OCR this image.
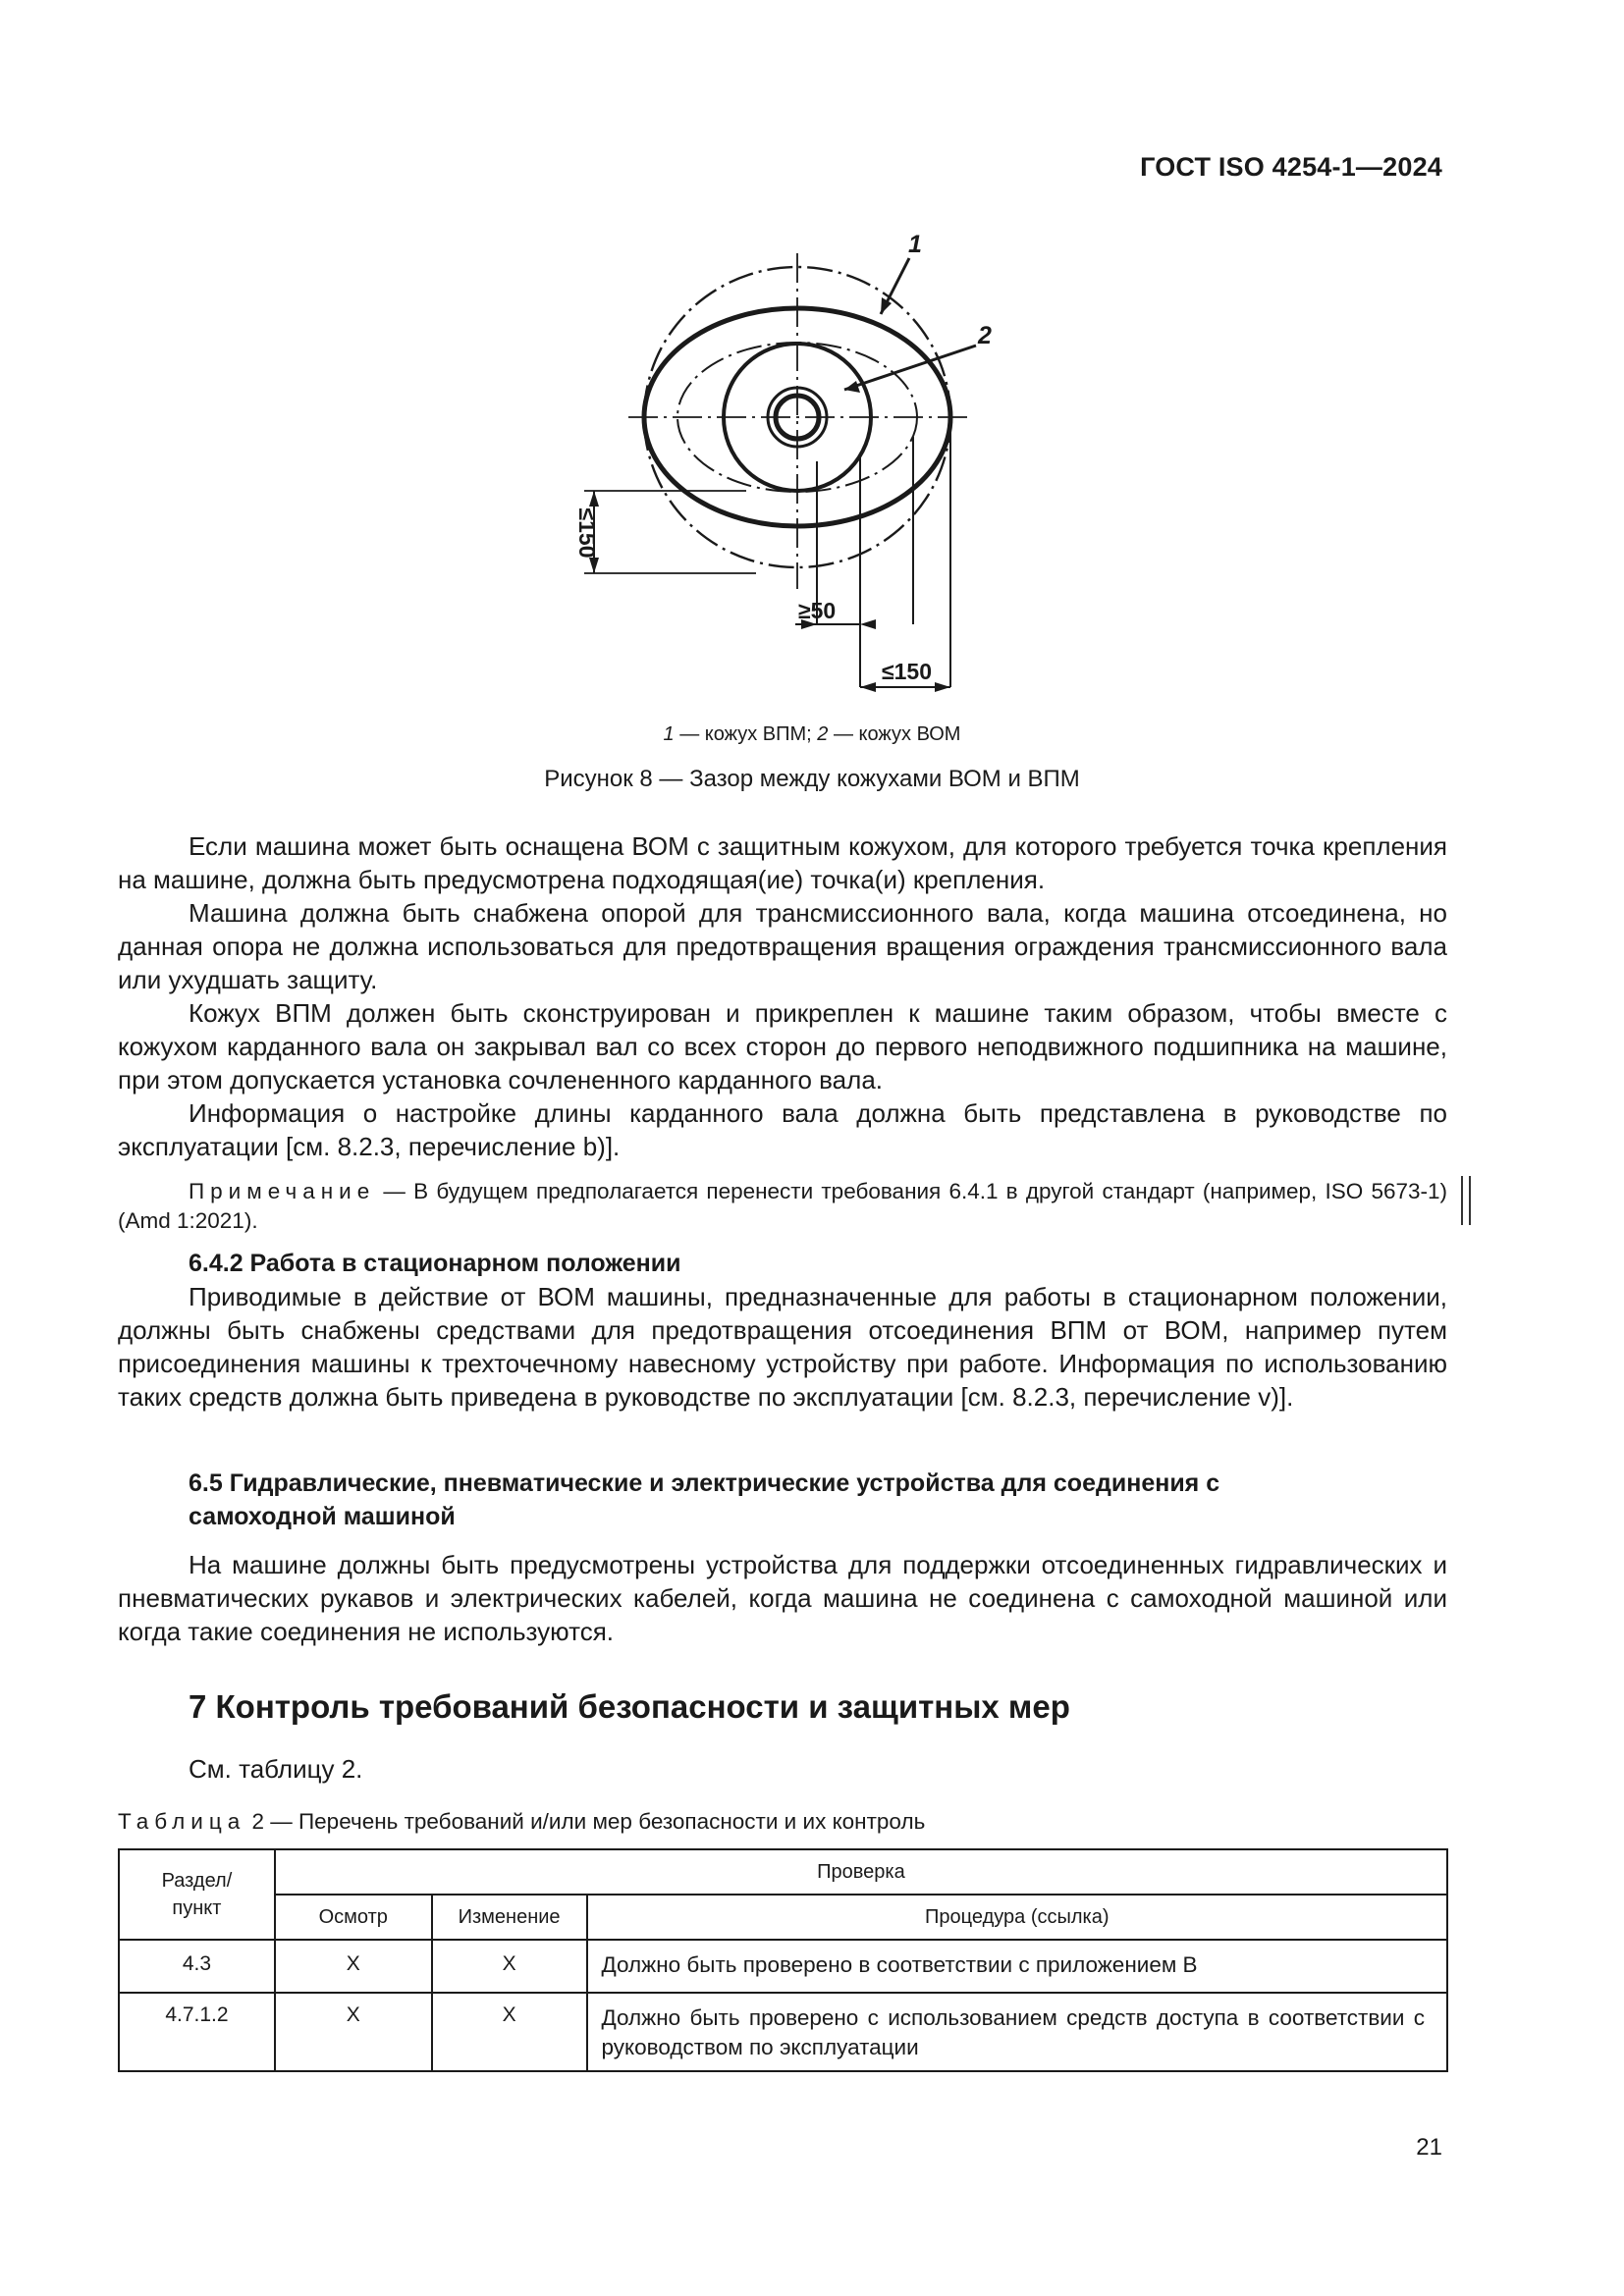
ГОСТ ISO 4254-1—2024
1
2
≤150
≥50
≤150
1 — кожух ВПМ; 2 — кожух ВОМ
Рисунок 8 — Зазор между кожухами ВОМ и ВПМ

Если машина может быть оснащена ВОМ с защитным кожухом, для которого требуется точка крепления на машине, должна быть предусмотрена подходящая(ие) точка(и) крепления.

Машина должна быть снабжена опорой для трансмиссионного вала, когда машина отсоединена, но данная опора не должна использоваться для предотвращения вращения ограждения трансмиссионного вала или ухудшать защиту.

Кожух ВПМ должен быть сконструирован и прикреплен к машине таким образом, чтобы вместе с кожухом карданного вала он закрывал вал со всех сторон до первого неподвижного подшипника на машине, при этом допускается установка сочлененного карданного вала.

Информация о настройке длины карданного вала должна быть представлена в руководстве по эксплуатации [см. 8.2.3, перечисление b)].

Примечание — В будущем предполагается перенести требования 6.4.1 в другой стандарт (например, ISO 5673-1) (Amd 1:2021).

6.4.2 Работа в стационарном положении

Приводимые в действие от ВОМ машины, предназначенные для работы в стационарном положении, должны быть снабжены средствами для предотвращения отсоединения ВПМ от ВОМ, например путем присоединения машины к трехточечному навесному устройству при работе. Информация по использованию таких средств должна быть приведена в руководстве по эксплуатации [см. 8.2.3, перечисление v)].

6.5 Гидравлические, пневматические и электрические устройства для соединения с самоходной машиной

На машине должны быть предусмотрены устройства для поддержки отсоединенных гидравлических и пневматических рукавов и электрических кабелей, когда машина не соединена с самоходной машиной или когда такие соединения не используются.

7 Контроль требований безопасности и защитных мер
См. таблицу 2.
Таблица 2 — Перечень требований и/или мер безопасности и их контроль
Раздел/ пункт	Проверка		
	Осмотр	Изменение	Процедура (ссылка)
4.3	X	X	Должно быть проверено в соответствии с приложением В
4.7.1.2	X	X	Должно быть проверено с использованием средств доступа в соответствии с руководством по эксплуатации
21
